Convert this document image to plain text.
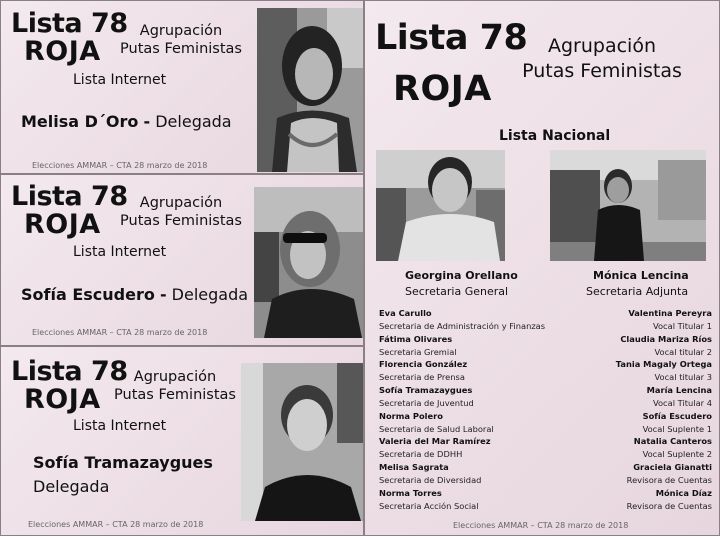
Lista 78
ROJA
Agrupación
Putas Feministas
Lista Internet
Melisa D´Oro - Delegada
Elecciones AMMAR – CTA 28 marzo de 2018
Lista 78
ROJA
Agrupación
Putas Feministas
Lista Internet
Sofía Escudero - Delegada
Elecciones AMMAR – CTA 28 marzo de 2018
Lista 78
ROJA
Agrupación
Putas Feministas
Lista Internet
Sofía Tramazaygues
Delegada
Elecciones AMMAR – CTA 28 marzo de 2018
Lista 78
ROJA
Agrupación
Putas Feministas
Lista Nacional
Georgina Orellano
Secretaria General
Mónica Lencina
Secretaria Adjunta
Eva Carullo
Secretaria de Administración y Finanzas
Fátima Olivares
Secretaria Gremial
Florencia González
Secretaria de Prensa
Sofía Tramazaygues
Secretaria de Juventud
Norma Polero
Secretaria de Salud Laboral
Valeria del Mar Ramírez
Secretaria de DDHH
Melisa Sagrata
Secretaria de Diversidad
Norma Torres
Secretaria Acción Social
Valentina Pereyra
Vocal Titular 1
Claudia Mariza Ríos
Vocal titular 2
Tania Magaly Ortega
Vocal titular 3
María Lencina
Vocal Titular 4
Sofía Escudero
Vocal Suplente 1
Natalia Canteros
Vocal Suplente 2
Graciela Gianatti
Revisora de Cuentas
Mónica Díaz
Revisora de Cuentas
Elecciones AMMAR – CTA 28 marzo de 2018
